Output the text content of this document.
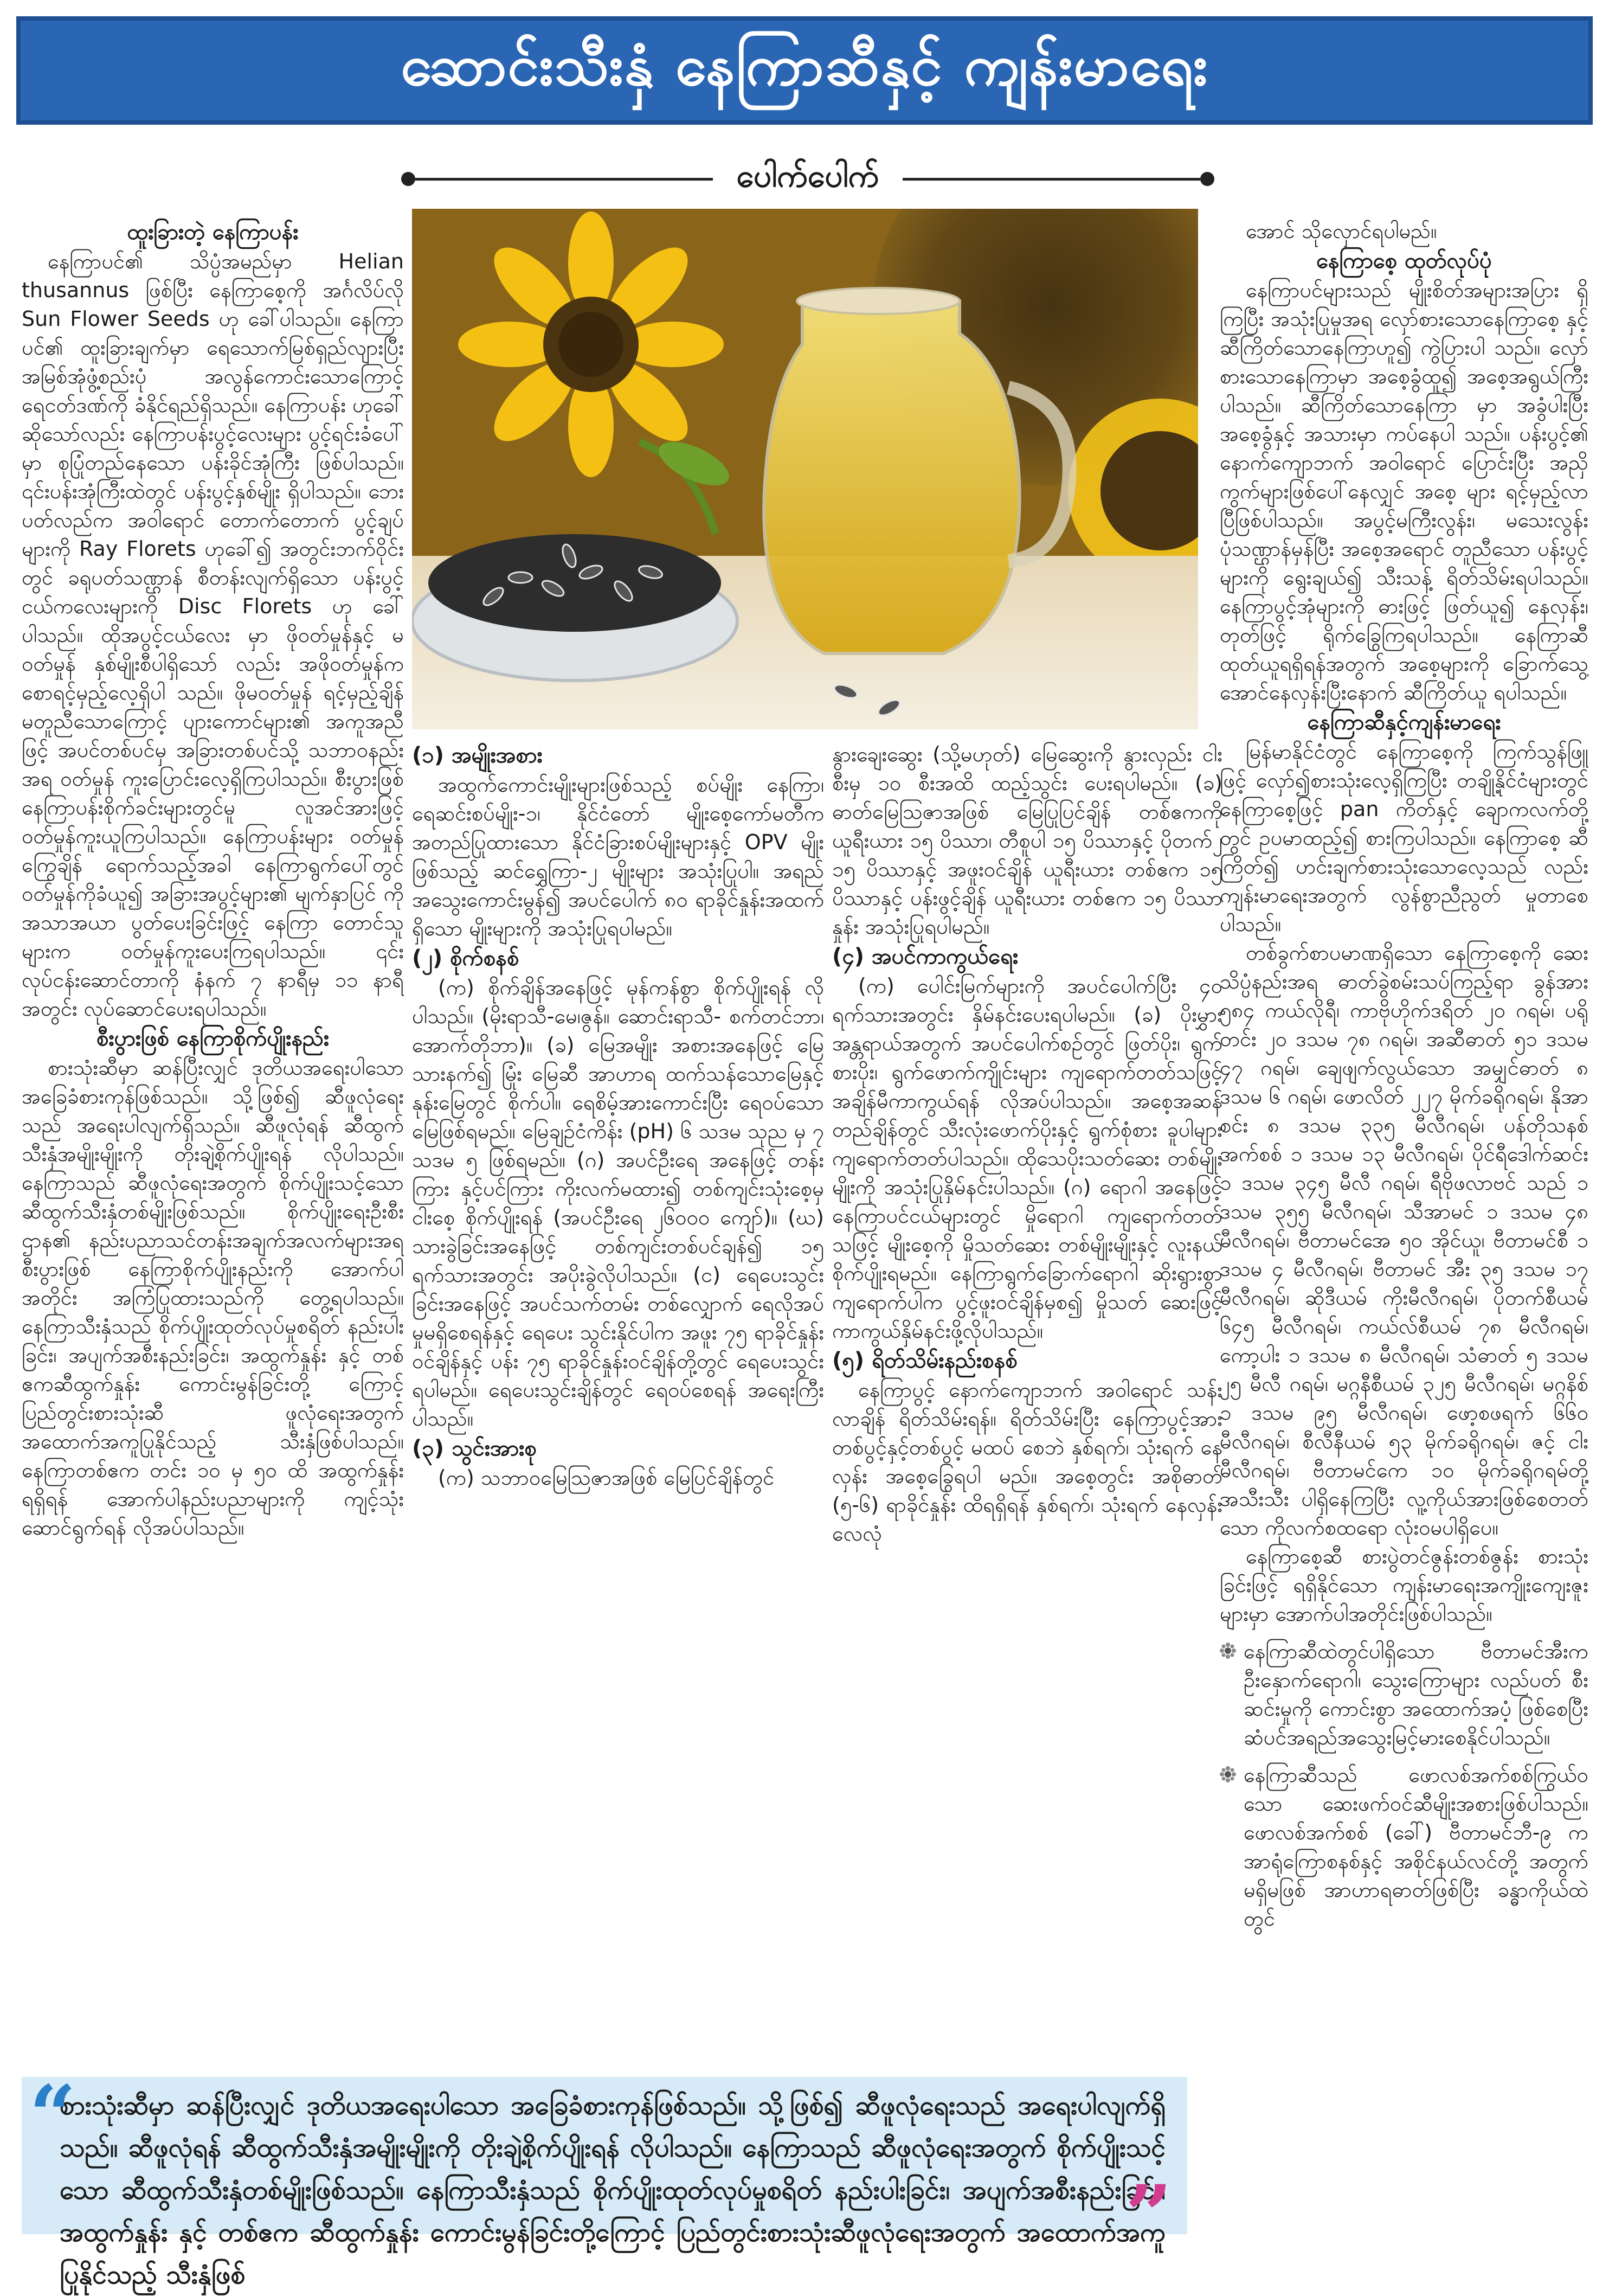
ဆောင်းသီးနှံ နေကြာဆီနှင့် ကျန်းမာရေး
ပေါက်ပေါက်
ထူးခြားတဲ့ နေကြာပန်း

နေကြာပင်၏ သိပ္ပံအမည်မှာ Helian thusannus ဖြစ်ပြီး နေကြာစေ့ကို အင်္ဂလိပ်လို Sun Flower Seeds ဟု ခေါ်ပါသည်။ နေကြာပင်၏ ထူးခြားချက်မှာ ရေသောက်မြစ်ရှည်လျားပြီး အမြစ်အုံဖွံ့စည်းပုံ အလွန်ကောင်းသောကြောင့် ရေငတ်ဒဏ်ကို ခံနိုင်ရည်ရှိသည်။ နေကြာပန်း ဟုခေါ်ဆိုသော်လည်း နေကြာပန်းပွင့်လေးများ ပွင့်ရင်းခံပေါ်မှာ စုပြုံတည်နေသော ပန်းခိုင်အုံကြီး ဖြစ်ပါသည်။ ၎င်းပန်းအုံကြီးထဲတွင် ပန်းပွင့်နှစ်မျိုး ရှိပါသည်။ ဘေးပတ်လည်က အဝါရောင် တောက်တောက် ပွင့်ချပ်များကို Ray Florets ဟုခေါ်၍ အတွင်းဘက်ဝိုင်းတွင် ခရုပတ်သဏ္ဌာန် စီတန်းလျက်ရှိသော ပန်းပွင့်ငယ်ကလေးများကို Disc Florets ဟု ခေါ်ပါသည်။ ထိုအပွင့်ငယ်လေး မှာ ဖိုဝတ်မှုန်နှင့် မဝတ်မှုန် နှစ်မျိုးစီပါရှိသော် လည်း အဖိုဝတ်မှုန်က စောရင့်မှည့်လေ့ရှိပါ သည်။ ဖိုမဝတ်မှုန် ရင့်မှည့်ချိန် မတူညီသောကြောင့် ပျားကောင်များ၏ အကူအညီဖြင့် အပင်တစ်ပင်မှ အခြားတစ်ပင်သို့ သဘာဝနည်းအရ ဝတ်မှုန် ကူးပြောင်းလေ့ရှိကြပါသည်။ စီးပွားဖြစ် နေကြာပန်းစိုက်ခင်းများတွင်မူ လူအင်အားဖြင့် ဝတ်မှုန်ကူးယူကြပါသည်။ နေကြာပန်းများ ဝတ်မှုန် ကြွေချိန် ရောက်သည့်အခါ နေကြာရွက်ပေါ်တွင် ဝတ်မှုန်ကိုခံယူ၍ အခြားအပွင့်များ၏ မျက်နှာပြင် ကို အသာအယာ ပွတ်ပေးခြင်းဖြင့် နေကြာ တောင်သူများက ဝတ်မှုန်ကူးပေးကြရပါသည်။ ၎င်းလုပ်ငန်းဆောင်တာကို နံနက် ၇ နာရီမှ ၁၁ နာရီအတွင်း လုပ်ဆောင်ပေးရပါသည်။

စီးပွားဖြစ် နေကြာစိုက်ပျိုးနည်း

စားသုံးဆီမှာ ဆန်ပြီးလျှင် ဒုတိယအရေးပါသော အခြေခံစားကုန်ဖြစ်သည်။ သို့ဖြစ်၍ ဆီဖူလုံရေး သည် အရေးပါလျက်ရှိသည်။ ဆီဖူလုံရန် ဆီထွက် သီးနှံအမျိုးမျိုးကို တိုးချဲ့စိုက်ပျိုးရန် လိုပါသည်။ နေကြာသည် ဆီဖူလုံရေးအတွက် စိုက်ပျိုးသင့်သော ဆီထွက်သီးနှံတစ်မျိုးဖြစ်သည်။ စိုက်ပျိုးရေးဦးစီး ဌာန၏ နည်းပညာသင်တန်းအချက်အလက်များအရ စီးပွားဖြစ် နေကြာစိုက်ပျိုးနည်းကို အောက်ပါ အတိုင်း အကြံပြုထားသည်ကို တွေ့ရပါသည်။ နေကြာသီးနှံသည် စိုက်ပျိုးထုတ်လုပ်မှုစရိတ် နည်းပါးခြင်း၊ အပျက်အစီးနည်းခြင်း၊ အထွက်နှုန်း နှင့် တစ်ဧကဆီထွက်နှုန်း ကောင်းမွန်ခြင်းတို့ ကြောင့် ပြည်တွင်းစားသုံးဆီ ဖူလုံရေးအတွက် အထောက်အကူပြုနိုင်သည့် သီးနှံဖြစ်ပါသည်။ နေကြာတစ်ဧက တင်း ၁၀ မှ ၅၀ ထိ အထွက်နှုန်း ရရှိရန် အောက်ပါနည်းပညာများကို ကျင့်သုံး ဆောင်ရွက်ရန် လိုအပ်ပါသည်။

(၁) အမျိုးအစား

အထွက်ကောင်းမျိုးများဖြစ်သည့် စပ်မျိုး နေကြာ၊ ရေဆင်းစပ်မျိုး-၁၊ နိုင်ငံတော် မျိုးစေ့ကော်မတီက အတည်ပြုထားသော နိုင်ငံခြားစပ်မျိုးများနှင့် OPV မျိုးဖြစ်သည့် ဆင်ရွှေကြာ-၂ မျိုးများ အသုံးပြုပါ။ အရည် အသွေးကောင်းမွန်၍ အပင်ပေါက် ၈၀ ရာခိုင်နှုန်းအထက်ရှိသော မျိုးများကို အသုံးပြုရပါမည်။

(၂) စိုက်စနစ်

(က) စိုက်ချိန်အနေဖြင့် မုန်ကန်စွာ စိုက်ပျိုးရန် လိုပါသည်။ (မိုးရာသီ-မေ၊ဇွန်။ ဆောင်းရာသီ- စက်တင်ဘာ၊ အောက်တိုဘာ)။ (ခ) မြေအမျိုး အစားအနေဖြင့် မြေသားနက်၍ မြုံး မြေဆီ အာဟာရ ထက်သန်သောမြေနှင့် နုန်းမြေတွင် စိုက်ပါ။ ရေစိမ့်အားကောင်းပြီး ရေဝပ်သော မြေဖြစ်ရမည်။ မြေချဉ်ငံကိန်း (pH) ၆ သဒမ သုည မှ ၇ သဒမ ၅ ဖြစ်ရမည်။ (ဂ) အပင်ဦးရေ အနေဖြင့် တန်းကြား နှင့်ပင်ကြား ကိုးလက်မထား၍ တစ်ကျင်းသုံးစေ့မှ ငါးစေ့ စိုက်ပျိုးရန် (အပင်ဦးရေ ၂၆၀၀၀ ကျော်)။ (ဃ) သားခွဲခြင်းအနေဖြင့် တစ်ကျင်းတစ်ပင်ချန်၍ ၁၅ ရက်သားအတွင်း အပိုးခွဲလိုပါသည်။ (င) ရေပေးသွင်းခြင်းအနေဖြင့် အပင်သက်တမ်း တစ်လျှောက် ရေလိုအပ်မှုမရှိစေရန်နှင့် ရေပေး သွင်းနိုင်ပါက အဖူး ၇၅ ရာခိုင်နှုန်းဝင်ချိန်နှင့် ပန်း ၇၅ ရာခိုင်နှုန်းဝင်ချိန်တို့တွင် ရေပေးသွင်း ရပါမည်။ ရေပေးသွင်းချိန်တွင် ရေဝပ်စေရန် အရေးကြီးပါသည်။

(၃) သွင်းအားစု

(က) သဘာဝမြေဩဇာအဖြစ် မြေပြင်ချိန်တွင်

နွားချေးဆွေး (သို့မဟုတ်) မြေဆွေးကို နွားလှည်း ငါးစီးမှ ၁၀ စီးအထိ ထည့်သွင်း ပေးရပါမည်။ (ခ) ဓာတ်မြေဩဇာအဖြစ် မြေပြုပြင်ချိန် တစ်ဧကကို ယူရီးယား ၁၅ ပိဿာ၊ တီစူပါ ၁၅ ပိဿာနှင့် ပိုတက်၂ ၁၅ ပိဿာနှင့် အဖူးဝင်ချိန် ယူရီးယား တစ်ဧက ၁၅ ပိဿာနှင့် ပန်းဖွင့်ချိန် ယူရီးယား တစ်ဧက ၁၅ ပိဿာနှုန်း အသုံးပြုရပါမည်။

(၄) အပင်ကာကွယ်ရေး

(က) ပေါင်းမြက်များကို အပင်ပေါက်ပြီး ၄၀ ရက်သားအတွင်း နှိမ်နင်းပေးရပါမည်။ (ခ) ပိုးမွှားအန္တရာယ်အတွက် အပင်ပေါက်စဉ်တွင် ဖြတ်ပိုး၊ ရွက်စားပိုး၊ ရွက်ဖောက်ကျိုင်းများ ကျရောက်တတ်သဖြင့် အချိန်မီကာကွယ်ရန် လိုအပ်ပါသည်။ အစေ့အဆန်တည်ချိန်တွင် သီးလုံးဖောက်ပိုးနှင့် ရွက်စုံစား ခူပါများ ကျရောက်တတ်ပါသည်။ ထိုသေပိုးသတ်ဆေး တစ်မျိုးမျိုးကို အသုံးပြုနှိမ်နင်းပါသည်။ (ဂ) ရောဂါ အနေဖြင့် နေကြာပင်ငယ်များတွင် မှိုရောဂါ ကျရောက်တတ်သဖြင့် မျိုးစေ့ကို မှိုသတ်ဆေး တစ်မျိုးမျိုးနှင့် လူးနယ်စိုက်ပျိုးရမည်။ နေကြာရွက်ခြောက်ရောဂါ ဆိုးရွားစွာ ကျရောက်ပါက ပွင့်ဖူးဝင်ချိန်မှစ၍ မှိုသတ် ဆေးဖြင့် ကာကွယ်နှိမ်နင်းဖို့လိုပါသည်။

(၅) ရိတ်သိမ်းနည်းစနစ်

နေကြာပွင့် နောက်ကျောဘက် အဝါရောင် သန်းလာချိန် ရိတ်သိမ်းရန်။ ရိတ်သိမ်းပြီး နေကြာပွင့်အား တစ်ပွင့်နှင့်တစ်ပွင့် မထပ် စေဘဲ နှစ်ရက်၊ သုံးရက် နေလှန်း အစေ့ခြွေရပါ မည်။ အစေ့တွင်း အစိုဓာတ် (၅-၆) ရာခိုင်နှုန်း ထိရရှိရန် နှစ်ရက်၊ သုံးရက် နေလှန်း လေလုံ

အောင် သိုလှောင်ရပါမည်။

နေကြာစေ့ ထုတ်လုပ်ပုံ

နေကြာပင်များသည် မျိုးစိတ်အများအပြား ရှိကြပြီး အသုံးပြုမှုအရ လှော်စားသောနေကြာစေ့ နှင့် ဆီကြိတ်သောနေကြာဟူ၍ ကွဲပြားပါ သည်။ လှော်စားသောနေကြာမှာ အစေ့ခွံထူ၍ အစေ့အရွယ်ကြီးပါသည်။ ဆီကြိတ်သောနေကြာ မှာ အခွံပါးပြီး အစေ့ခွံနှင့် အသားမှာ ကပ်နေပါ သည်။ ပန်းပွင့်၏ နောက်ကျောဘက် အဝါရောင် ပြောင်းပြီး အညှိကွက်များဖြစ်ပေါ်နေလျှင် အစေ့ များ ရင့်မှည့်လာပြီဖြစ်ပါသည်။ အပွင့်မကြီးလွန်း၊ မသေးလွန်း ပုံသဏ္ဌာန်မှန်ပြီး အစေ့အရောင် တူညီသော ပန်းပွင့်များကို ရွေးချယ်၍ သီးသန့် ရိတ်သိမ်းရပါသည်။ နေကြာပွင့်အုံများကို ဓားဖြင့် ဖြတ်ယူ၍ နေလှန်း၊ တုတ်ဖြင့် ရိုက်ခြွေကြရပါသည်။ နေကြာဆီ ထုတ်ယူရရှိရန်အတွက် အစေ့များကို ခြောက်သွေ့အောင်နေလှန်းပြီးနောက် ဆီကြိတ်ယူ ရပါသည်။

နေကြာဆီနှင့်ကျန်းမာရေး

မြန်မာနိုင်ငံတွင် နေကြာစေ့ကို ကြက်သွန်ဖြူ ဖြင့် လှော်၍စားသုံးလေ့ရှိကြပြီး တချို့နိုင်ငံများတွင် နေကြာစေ့ဖြင့် pan ကိတ်နှင့် ချောကလက်တို့တွင် ဥပမာထည့်၍ စားကြပါသည်။ နေကြာစေ့ ဆီကြိတ်၍ ဟင်းချက်စားသုံးသောလေ့သည် လည်း ကျန်းမာရေးအတွက် လွန်စွာညီညွတ် မှုတာစေပါသည်။

တစ်ခွက်စာပမာဏရှိသော နေကြာစေ့ကို ဆေးသိပ္ပံနည်းအရ ဓာတ်ခွဲစမ်းသပ်ကြည့်ရာ ခွန်အား ၅၈၄ ကယ်လိုရီ၊ ကာဗိုဟိုက်ဒရိတ် ၂၀ ဂရမ်၊ ပရိုတင်း ၂၀ ဒသမ ၇၈ ဂရမ်၊ အဆီဓာတ် ၅၁ ဒသမ ၄၇ ဂရမ်၊ ချေဖျက်လွယ်သော အမျှင်ဓာတ် ၈ ဒသမ ၆ ဂရမ်၊ ဖောလိတ် ၂၂၇ မိုက်ခရိုဂရမ်၊ နိုအာစင်း ၈ ဒသမ ၃၃၅ မီလီဂရမ်၊ ပန်တိုသနစ် အက်စစ် ၁ ဒသမ ၁၃ မီလီဂရမ်၊ ပိုင်ရီဒေါက်ဆင်း ၁ ဒသမ ၃၄၅ မီလီ ဂရမ်၊ ရီဗိုဖလာဗင် သည် ၁ ဒသမ ၃၅၅ မီလီဂရမ်၊ သီအာမင် ၁ ဒသမ ၄၈ မီလီဂရမ်၊ ဗီတာမင်အေ ၅၀ အိုင်ယူ၊ ဗီတာမင်စီ ၁ ဒသမ ၄ မီလီဂရမ်၊ ဗီတာမင် အီး ၃၅ ဒသမ ၁၇ မီလီဂရမ်၊ ဆိုဒီယမ် ကိုးမီလီဂရမ်၊ ပိုတက်စီယမ် ၆၄၅ မီလီဂရမ်၊ ကယ်လ်စီယမ် ၇၈ မီလီဂရမ်၊ ကော့ပါး ၁ ဒသမ ၈ မီလီဂရမ်၊ သံဓာတ် ၅ ဒသမ ၂၅ မီလီ ဂရမ်၊ မဂ္ဂနီစီယမ် ၃၂၅ မီလီဂရမ်၊ မဂ္ဂနိစ် ၁ ဒသမ ၉၅ မီလီဂရမ်၊ ဖော့စဖရက် ၆၆၀ မီလီဂရမ်၊ စီလီနီယမ် ၅၃ မိုက်ခရိုဂရမ်၊ ဇင့် ငါးမီလီဂရမ်၊ ဗီတာမင်ကေ ၁၀ မိုက်ခရိုဂရမ်တို့ အသီးသီး ပါရှိနေကြပြီး လူ့ကိုယ်အားဖြစ်စေတတ်သော ကိုလက်စထရော လုံးဝမပါရှိပေ။

နေကြာစေ့ဆီ စားပွဲတင်ဇွန်းတစ်ဇွန်း စားသုံး ခြင်းဖြင့် ရရှိနိုင်သော ကျန်းမာရေးအကျိုးကျေးဇူး များမှာ အောက်ပါအတိုင်းဖြစ်ပါသည်။

နေကြာဆီထဲတွင်ပါရှိသော ဗီတာမင်အီးက ဦးနှောက်ရောဂါ၊ သွေးကြောများ လည်ပတ် စီးဆင်းမှုကို ကောင်းစွာ အထောက်အပံ့ ဖြစ်စေပြီး ဆံပင်အရည်အသွေးမြင့်မားစေနိုင်ပါသည်။
နေကြာဆီသည် ဖောလစ်အက်စစ်ကြွယ်ဝ သော ဆေးဖက်ဝင်ဆီမျိုးအစားဖြစ်ပါသည်။ ဖောလစ်အက်စစ် (ခေါ်) ဗီတာမင်ဘီ-၉ က အာရုံကြောစနစ်နှင့် အစိုင်နယ်လင်တို့ အတွက် မရှိမဖြစ် အာဟာရဓာတ်ဖြစ်ပြီး ခန္ဓာကိုယ်ထဲတွင်
“
စားသုံးဆီမှာ ဆန်ပြီးလျှင် ဒုတိယအရေးပါသော အခြေခံစားကုန်ဖြစ်သည်။ သို့ဖြစ်၍ ဆီဖူလုံရေးသည် အရေးပါလျက်ရှိသည်။ ဆီဖူလုံရန် ဆီထွက်သီးနှံအမျိုးမျိုးကို တိုးချဲ့စိုက်ပျိုးရန် လိုပါသည်။ နေကြာသည် ဆီဖူလုံရေးအတွက် စိုက်ပျိုးသင့်သော ဆီထွက်သီးနှံတစ်မျိုးဖြစ်သည်။ နေကြာသီးနှံသည် စိုက်ပျိုးထုတ်လုပ်မှုစရိတ် နည်းပါးခြင်း၊ အပျက်အစီးနည်းခြင်း၊ အထွက်နှုန်း နှင့် တစ်ဧက ဆီထွက်နှုန်း ကောင်းမွန်ခြင်းတို့ကြောင့် ပြည်တွင်းစားသုံးဆီဖူလုံရေးအတွက် အထောက်အကူပြုနိုင်သည့် သီးနှံဖြစ်
”
